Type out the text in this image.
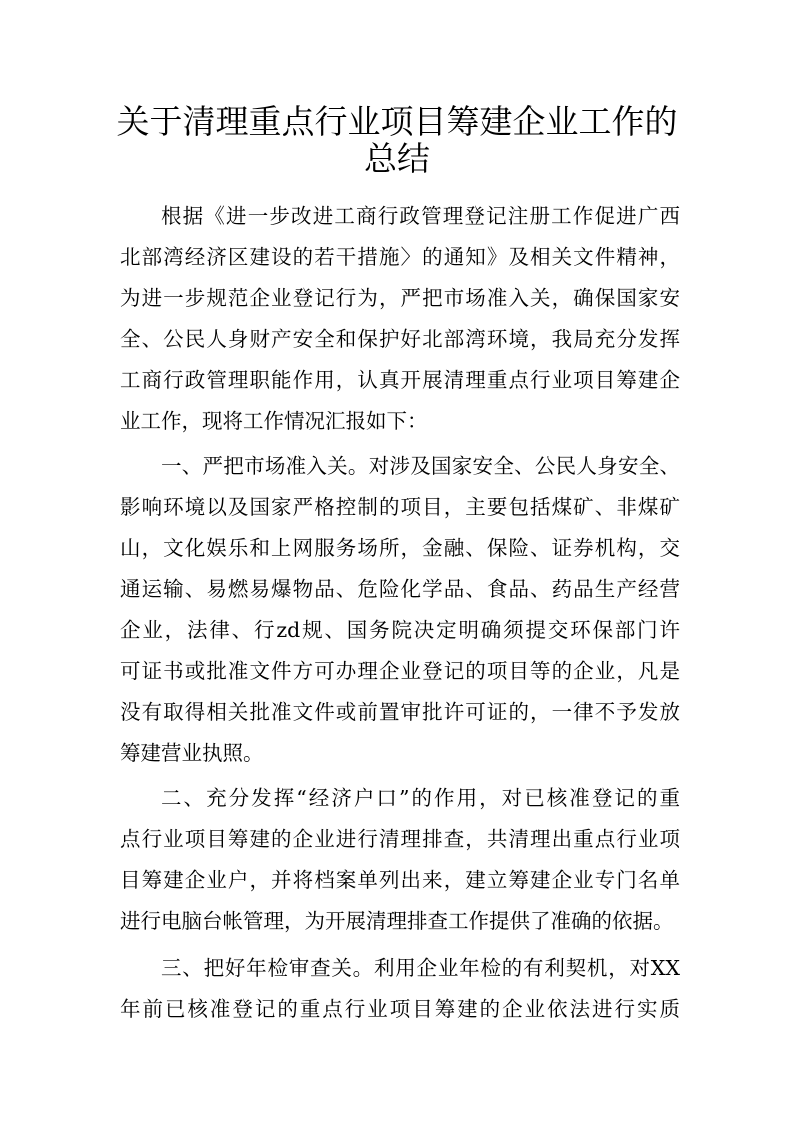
关于清理重点行业项目筹建企业工作的
总结
根据《进一步改进工商行政管理登记注册工作促进广西
北部湾经济区建设的若干措施〉的通知》及相关文件精神，
为进一步规范企业登记行为，严把市场准入关，确保国家安
全、公民人身财产安全和保护好北部湾环境，我局充分发挥
工商行政管理职能作用，认真开展清理重点行业项目筹建企
业工作，现将工作情况汇报如下：
一、严把市场准入关。对涉及国家安全、公民人身安全、
影响环境以及国家严格控制的项目，主要包括煤矿、非煤矿
山，文化娱乐和上网服务场所，金融、保险、证券机构，交
通运输、易燃易爆物品、危险化学品、食品、药品生产经营
企业，法律、行zd规、国务院决定明确须提交环保部门许
可证书或批准文件方可办理企业登记的项目等的企业，凡是
没有取得相关批准文件或前置审批许可证的，一律不予发放
筹建营业执照。
二、充分发挥“经济户口”的作用，对已核准登记的重
点行业项目筹建的企业进行清理排查，共清理出重点行业项
目筹建企业户，并将档案单列出来，建立筹建企业专门名单
进行电脑台帐管理，为开展清理排查工作提供了准确的依据。
三、把好年检审查关。利用企业年检的有利契机，对XX
年前已核准登记的重点行业项目筹建的企业依法进行实质
